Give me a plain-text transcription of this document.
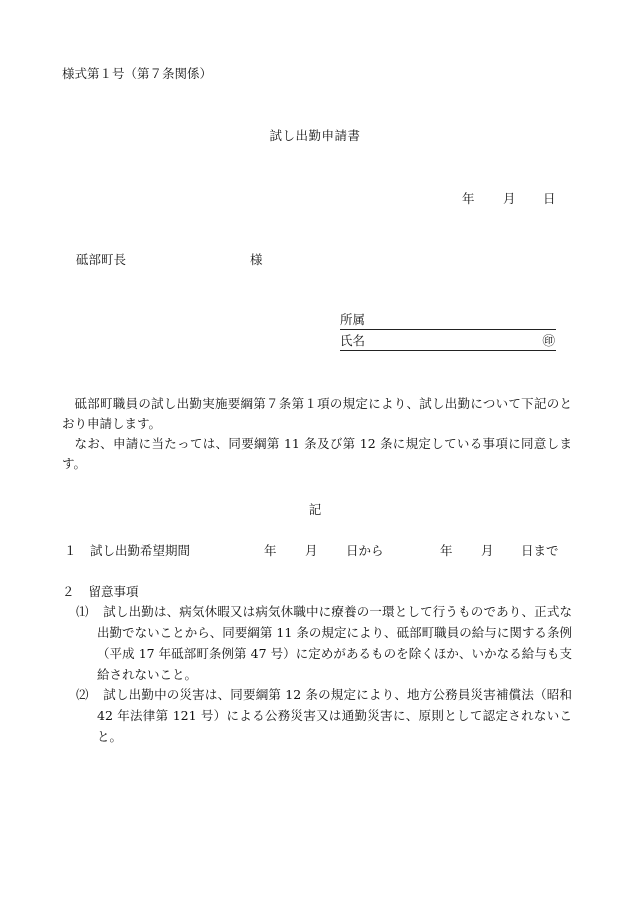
様式第１号（第７条関係）
試し出勤申請書
年 月 日
砥部町長	様
所属
氏名	㊞
砥部町職員の試し出勤実施要綱第７条第１項の規定により、試し出勤について下記のとおり申請します。
なお、申請に当たっては、同要綱第 11 条及び第 12 条に規定している事項に同意します。
記
１ 試し出勤希望期間	年 月 日から	年 月 日まで
２ 留意事項
⑴	試し出勤は、病気休暇又は病気休職中に療養の一環として行うものであり、正式な出勤でないことから、同要綱第 11 条の規定により、砥部町職員の給与に関する条例（平成 17 年砥部町条例第 47 号）に定めがあるものを除くほか、いかなる給与も支給されないこと。
⑵	試し出勤中の災害は、同要綱第 12 条の規定により、地方公務員災害補償法（昭和 42 年法律第 121 号）による公務災害又は通勤災害に、原則として認定されないこと。
